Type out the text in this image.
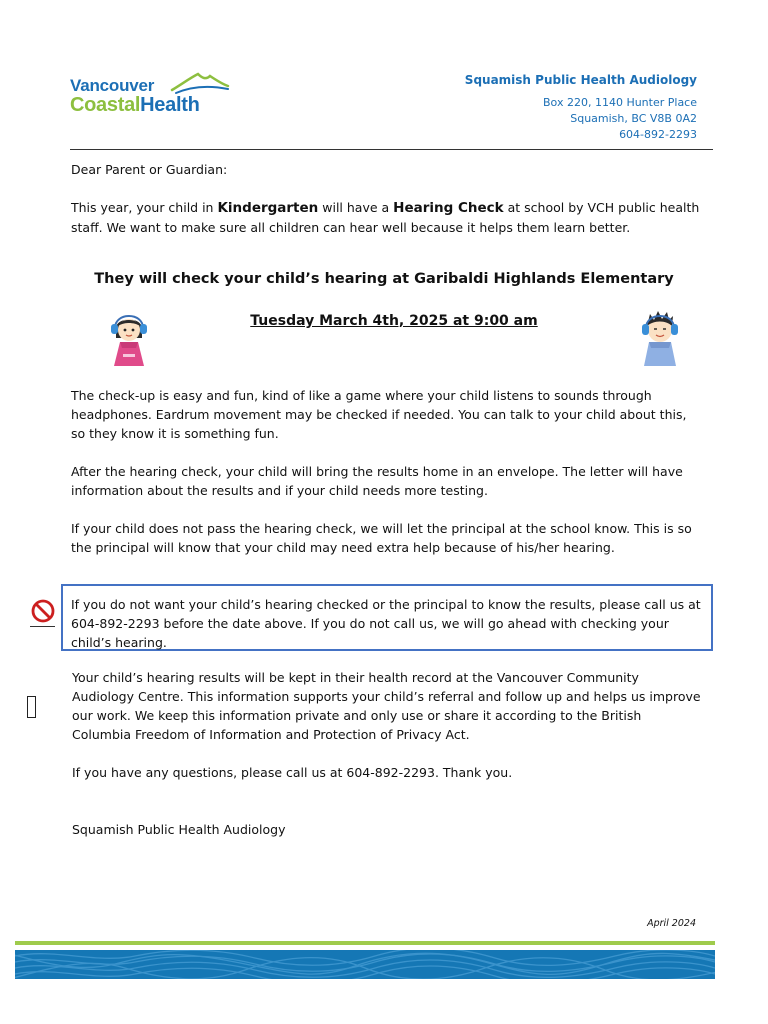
Vancouver
CoastalHealth
Squamish Public Health Audiology
Box 220, 1140 Hunter Place
Squamish, BC V8B 0A2
604-892-2293
Dear Parent or Guardian:
This year, your child in Kindergarten will have a Hearing Check at school by VCH public health staff. We want to make sure all children can hear well because it helps them learn better.
They will check your child’s hearing at Garibaldi Highlands Elementary
Tuesday March 4th, 2025 at 9:00 am
The check-up is easy and fun, kind of like a game where your child listens to sounds through headphones. Eardrum movement may be checked if needed. You can talk to your child about this, so they know it is something fun.
After the hearing check, your child will bring the results home in an envelope. The letter will have information about the results and if your child needs more testing.
If your child does not pass the hearing check, we will let the principal at the school know. This is so the principal will know that your child may need extra help because of his/her hearing.
If you do not want your child’s hearing checked or the principal to know the results, please call us at 604-892-2293 before the date above. If you do not call us, we will go ahead with checking your child’s hearing.
Your child’s hearing results will be kept in their health record at the Vancouver Community Audiology Centre. This information supports your child’s referral and follow up and helps us improve our work. We keep this information private and only use or share it according to the British Columbia Freedom of Information and Protection of Privacy Act.
If you have any questions, please call us at 604-892-2293. Thank you.
Squamish Public Health Audiology
April 2024
